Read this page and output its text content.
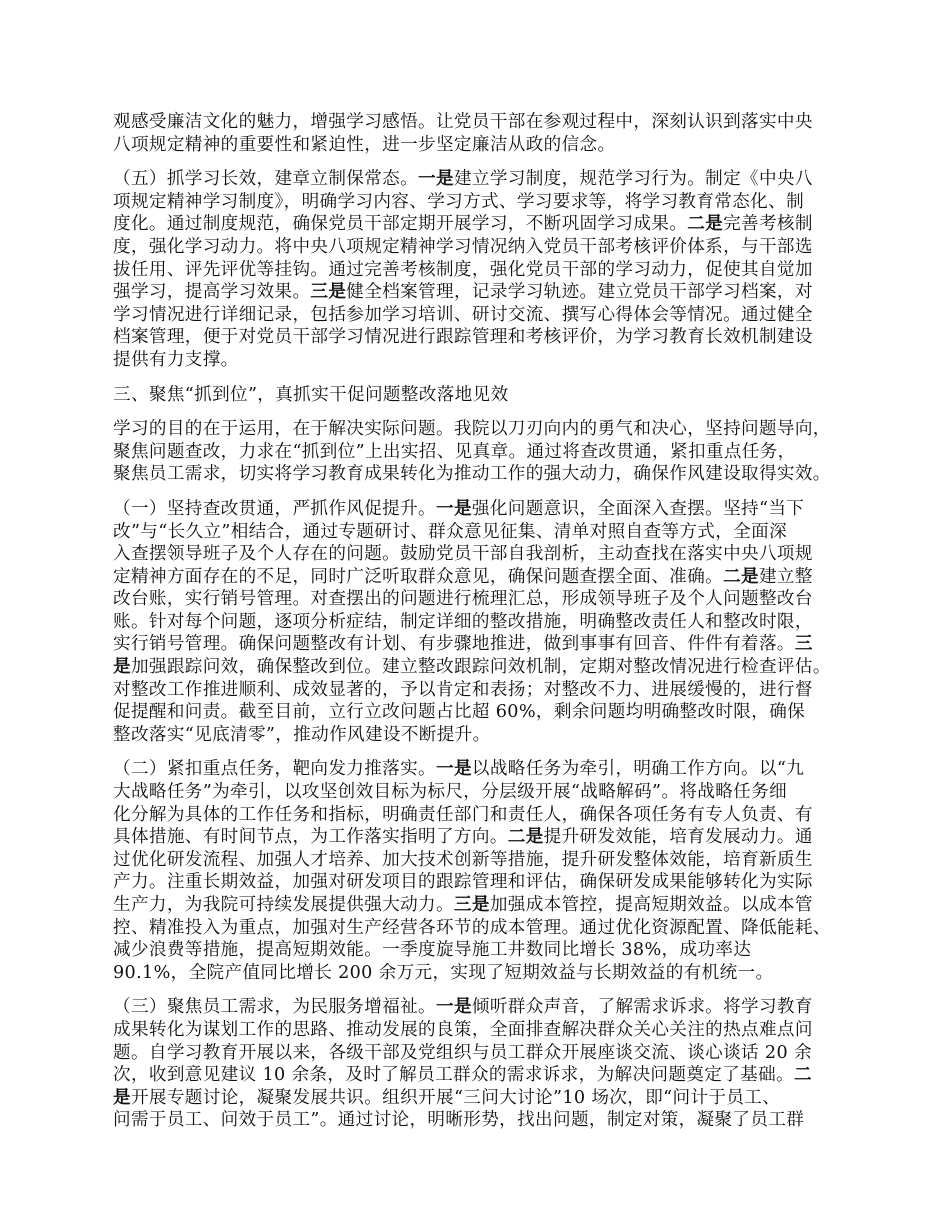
观感受廉洁文化的魅力，增强学习感悟。让党员干部在参观过程中，深刻认识到落实中央
八项规定精神的重要性和紧迫性，进一步坚定廉洁从政的信念。
（五）抓学习长效，建章立制保常态。一是建立学习制度，规范学习行为。制定《中央八
项规定精神学习制度》，明确学习内容、学习方式、学习要求等，将学习教育常态化、制
度化。通过制度规范，确保党员干部定期开展学习，不断巩固学习成果。二是完善考核制
度，强化学习动力。将中央八项规定精神学习情况纳入党员干部考核评价体系，与干部选
拔任用、评先评优等挂钩。通过完善考核制度，强化党员干部的学习动力，促使其自觉加
强学习，提高学习效果。三是健全档案管理，记录学习轨迹。建立党员干部学习档案，对
学习情况进行详细记录，包括参加学习培训、研讨交流、撰写心得体会等情况。通过健全
档案管理，便于对党员干部学习情况进行跟踪管理和考核评价，为学习教育长效机制建设
提供有力支撑。
三、聚焦“抓到位”，真抓实干促问题整改落地见效
学习的目的在于运用，在于解决实际问题。我院以刀刃向内的勇气和决心，坚持问题导向，
聚焦问题查改，力求在“抓到位”上出实招、见真章。通过将查改贯通，紧扣重点任务，
聚焦员工需求，切实将学习教育成果转化为推动工作的强大动力，确保作风建设取得实效。
（一）坚持查改贯通，严抓作风促提升。一是强化问题意识，全面深入查摆。坚持“当下
改”与“长久立”相结合，通过专题研讨、群众意见征集、清单对照自查等方式，全面深
入查摆领导班子及个人存在的问题。鼓励党员干部自我剖析，主动查找在落实中央八项规
定精神方面存在的不足，同时广泛听取群众意见，确保问题查摆全面、准确。二是建立整
改台账，实行销号管理。对查摆出的问题进行梳理汇总，形成领导班子及个人问题整改台
账。针对每个问题，逐项分析症结，制定详细的整改措施，明确整改责任人和整改时限，
实行销号管理。确保问题整改有计划、有步骤地推进，做到事事有回音、件件有着落。三
是加强跟踪问效，确保整改到位。建立整改跟踪问效机制，定期对整改情况进行检查评估。
对整改工作推进顺利、成效显著的，予以肯定和表扬；对整改不力、进展缓慢的，进行督
促提醒和问责。截至目前，立行立改问题占比超 60%，剩余问题均明确整改时限，确保
整改落实“见底清零”，推动作风建设不断提升。
（二）紧扣重点任务，靶向发力推落实。一是以战略任务为牵引，明确工作方向。以“九
大战略任务”为牵引，以攻坚创效目标为标尺，分层级开展“战略解码”。将战略任务细
化分解为具体的工作任务和指标，明确责任部门和责任人，确保各项任务有专人负责、有
具体措施、有时间节点，为工作落实指明了方向。二是提升研发效能，培育发展动力。通
过优化研发流程、加强人才培养、加大技术创新等措施，提升研发整体效能，培育新质生
产力。注重长期效益，加强对研发项目的跟踪管理和评估，确保研发成果能够转化为实际
生产力，为我院可持续发展提供强大动力。三是加强成本管控，提高短期效益。以成本管
控、精准投入为重点，加强对生产经营各环节的成本管理。通过优化资源配置、降低能耗、
减少浪费等措施，提高短期效能。一季度旋导施工井数同比增长 38%，成功率达
90.1%，全院产值同比增长 200 余万元，实现了短期效益与长期效益的有机统一。
（三）聚焦员工需求，为民服务增福祉。一是倾听群众声音，了解需求诉求。将学习教育
成果转化为谋划工作的思路、推动发展的良策，全面排查解决群众关心关注的热点难点问
题。自学习教育开展以来，各级干部及党组织与员工群众开展座谈交流、谈心谈话 20 余
次，收到意见建议 10 余条，及时了解员工群众的需求诉求，为解决问题奠定了基础。二
是开展专题讨论，凝聚发展共识。组织开展“三问大讨论”10 场次，即“问计于员工、
问需于员工、问效于员工”。通过讨论，明晰形势，找出问题，制定对策，凝聚了员工群
